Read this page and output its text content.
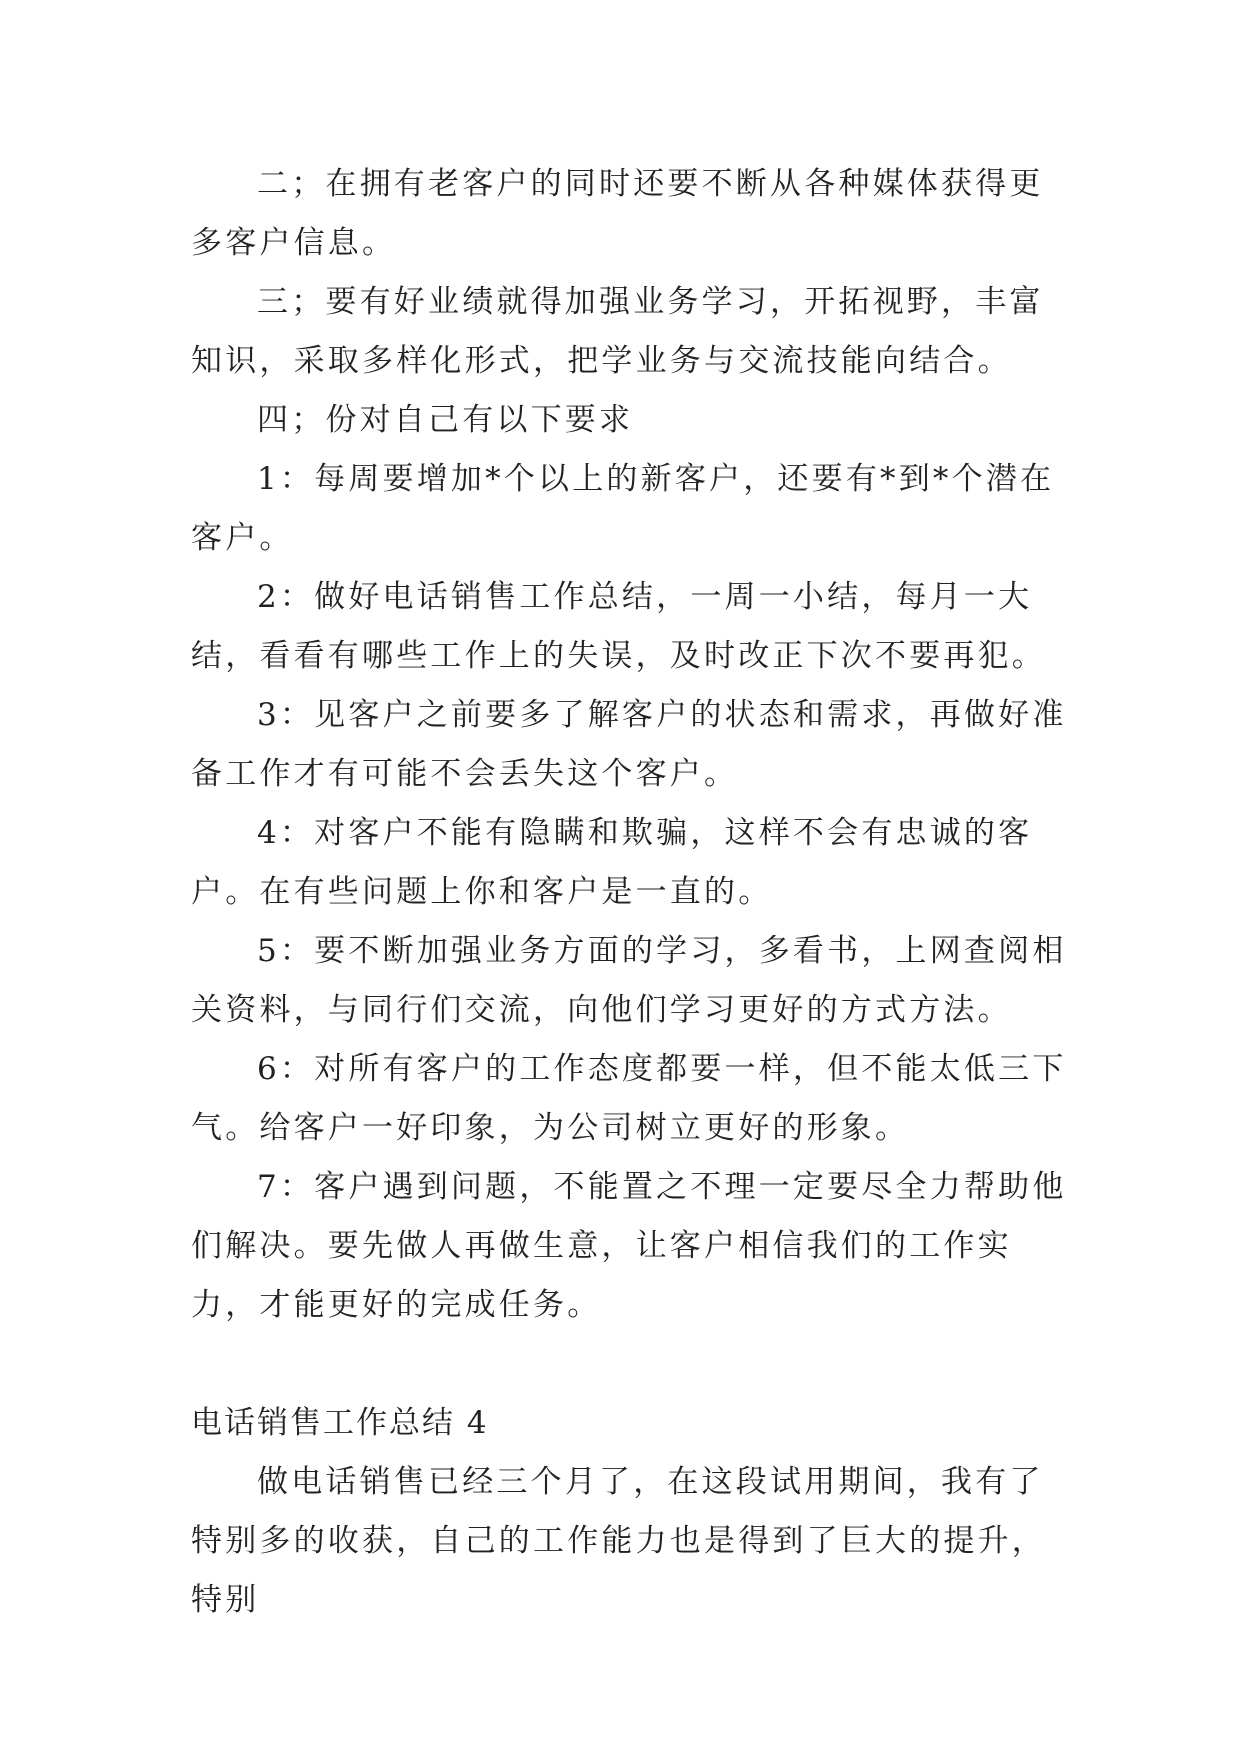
二；在拥有老客户的同时还要不断从各种媒体获得更多客户信息。

三；要有好业绩就得加强业务学习，开拓视野，丰富知识，采取多样化形式，把学业务与交流技能向结合。

四；份对自己有以下要求

1：每周要增加*个以上的新客户，还要有*到*个潜在客户。

2：做好电话销售工作总结，一周一小结，每月一大结，看看有哪些工作上的失误，及时改正下次不要再犯。

3：见客户之前要多了解客户的状态和需求，再做好准备工作才有可能不会丢失这个客户。

4：对客户不能有隐瞒和欺骗，这样不会有忠诚的客户。在有些问题上你和客户是一直的。

5：要不断加强业务方面的学习，多看书，上网查阅相关资料，与同行们交流，向他们学习更好的方式方法。

6：对所有客户的工作态度都要一样，但不能太低三下气。给客户一好印象，为公司树立更好的形象。

7：客户遇到问题，不能置之不理一定要尽全力帮助他们解决。要先做人再做生意，让客户相信我们的工作实力，才能更好的完成任务。

电话销售工作总结 4

做电话销售已经三个月了，在这段试用期间，我有了特别多的收获，自己的工作能力也是得到了巨大的提升，特别
